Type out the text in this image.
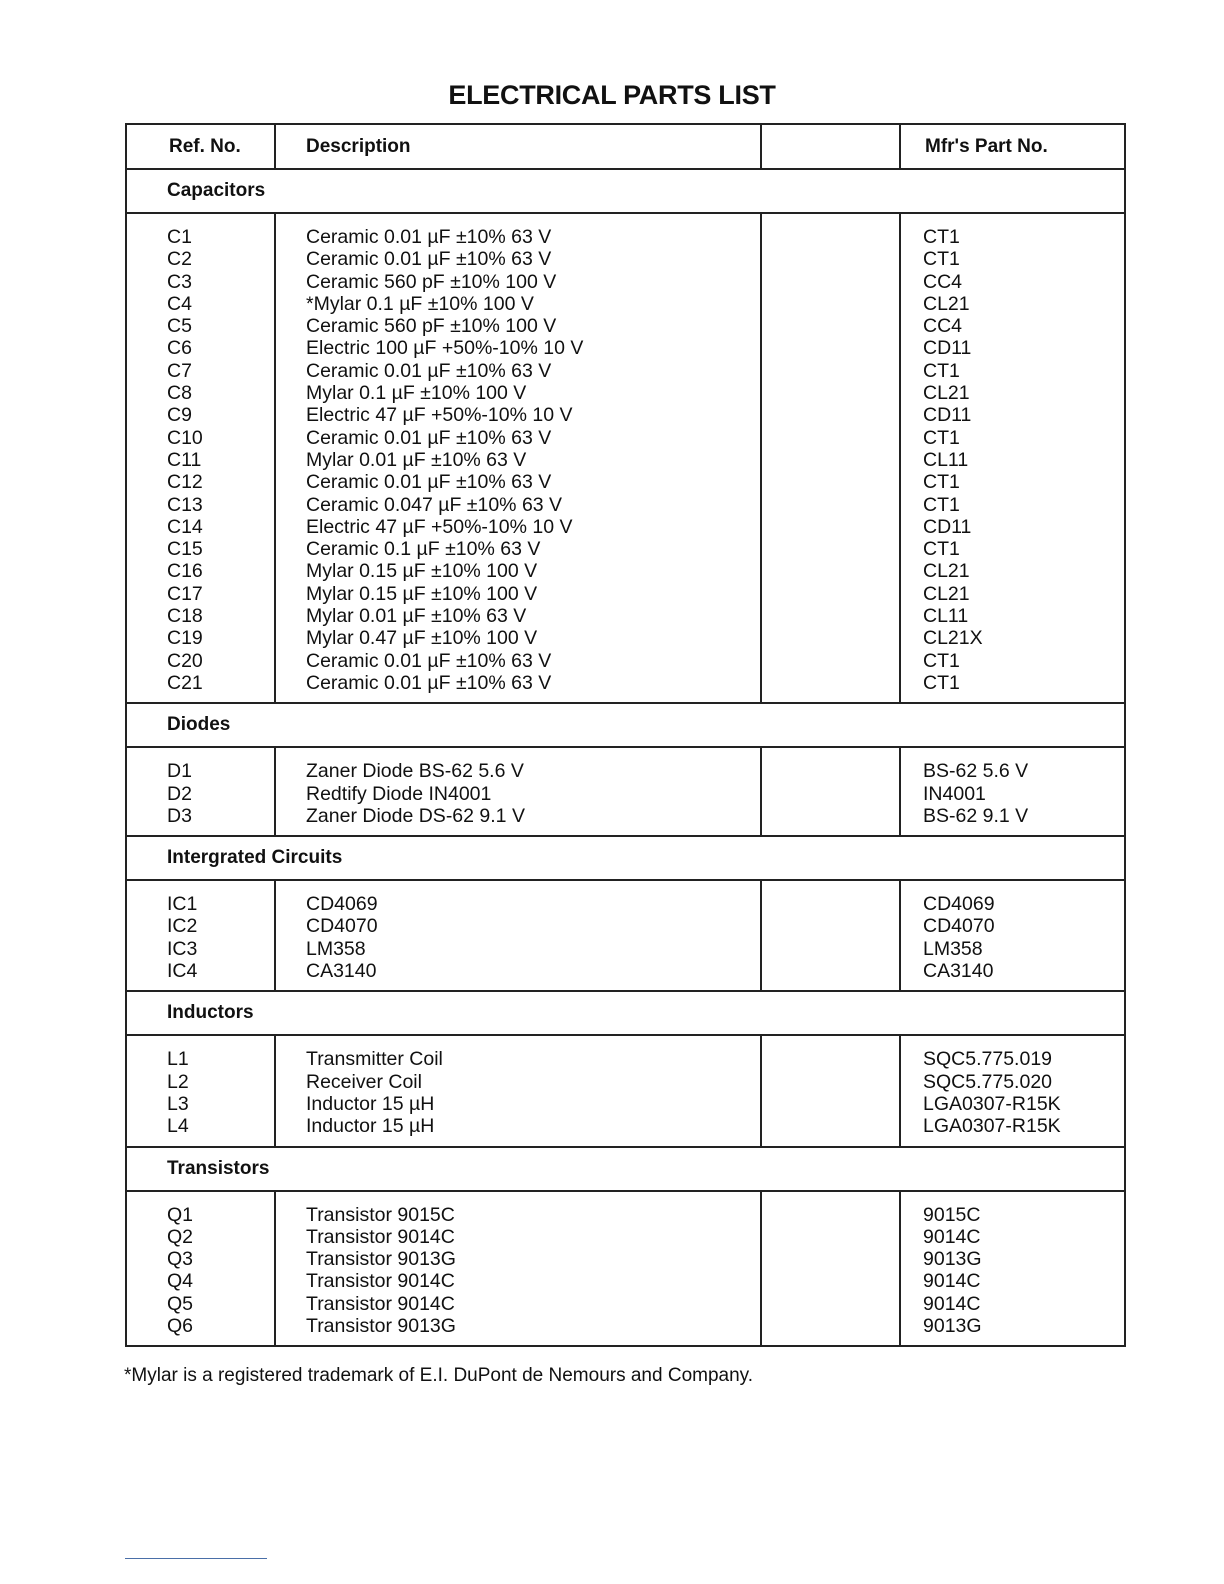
ELECTRICAL PARTS LIST
Ref. No.	Description	Mfr's Part No.
Capacitors
C1
C2
C3
C4
C5
C6
C7
C8
C9
C10
C11
C12
C13
C14
C15
C16
C17
C18
C19
C20
C21
Ceramic 0.01 µF ±10% 63 V
Ceramic 0.01 µF ±10% 63 V
Ceramic 560 pF ±10% 100 V
*Mylar 0.1 µF ±10% 100 V
Ceramic 560 pF ±10% 100 V
Electric 100 µF +50%-10% 10 V
Ceramic 0.01 µF ±10% 63 V
Mylar 0.1 µF ±10% 100 V
Electric 47 µF +50%-10% 10 V
Ceramic 0.01 µF ±10% 63 V
Mylar 0.01 µF ±10% 63 V
Ceramic 0.01 µF ±10% 63 V
Ceramic 0.047 µF ±10% 63 V
Electric 47 µF +50%-10% 10 V
Ceramic 0.1 µF ±10% 63 V
Mylar 0.15 µF ±10% 100 V
Mylar 0.15 µF ±10% 100 V
Mylar 0.01 µF ±10% 63 V
Mylar 0.47 µF ±10% 100 V
Ceramic 0.01 µF ±10% 63 V
Ceramic 0.01 µF ±10% 63 V
CT1
CT1
CC4
CL21
CC4
CD11
CT1
CL21
CD11
CT1
CL11
CT1
CT1
CD11
CT1
CL21
CL21
CL11
CL21X
CT1
CT1
Diodes
D1
D2
D3
Zaner Diode BS-62 5.6 V
Redtify Diode IN4001
Zaner Diode DS-62 9.1 V
BS-62 5.6 V
IN4001
BS-62 9.1 V
Intergrated Circuits
IC1
IC2
IC3
IC4
CD4069
CD4070
LM358
CA3140
CD4069
CD4070
LM358
CA3140
Inductors
L1
L2
L3
L4
Transmitter Coil
Receiver Coil
Inductor 15 µH
Inductor 15 µH
SQC5.775.019
SQC5.775.020
LGA0307-R15K
LGA0307-R15K
Transistors
Q1
Q2
Q3
Q4
Q5
Q6
Transistor 9015C
Transistor 9014C
Transistor 9013G
Transistor 9014C
Transistor 9014C
Transistor 9013G
9015C
9014C
9013G
9014C
9014C
9013G
*Mylar is a registered trademark of E.I. DuPont de Nemours and Company.
